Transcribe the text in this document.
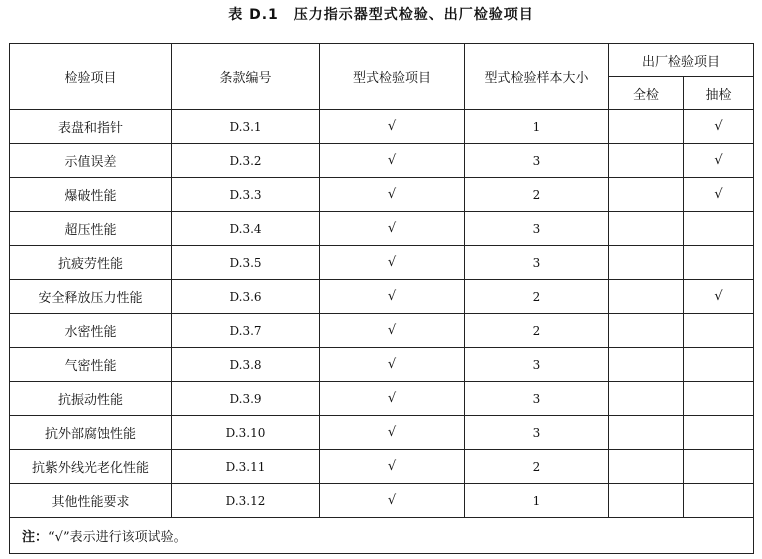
表 D.1　压力指示器型式检验、出厂检验项目
检验项目	条款编号	型式检验项目	型式检验样本大小	出厂检验项目	
				全检	抽检
表盘和指针	D.3.1	√	1		√
示值误差	D.3.2	√	3		√
爆破性能	D.3.3	√	2		√
超压性能	D.3.4	√	3		
抗疲劳性能	D.3.5	√	3		
安全释放压力性能	D.3.6	√	2		√
水密性能	D.3.7	√	2		
气密性能	D.3.8	√	3		
抗振动性能	D.3.9	√	3		
抗外部腐蚀性能	D.3.10	√	3		
抗紫外线光老化性能	D.3.11	√	2		
其他性能要求	D.3.12	√	1		
注：“√”表示进行该项试验。					
